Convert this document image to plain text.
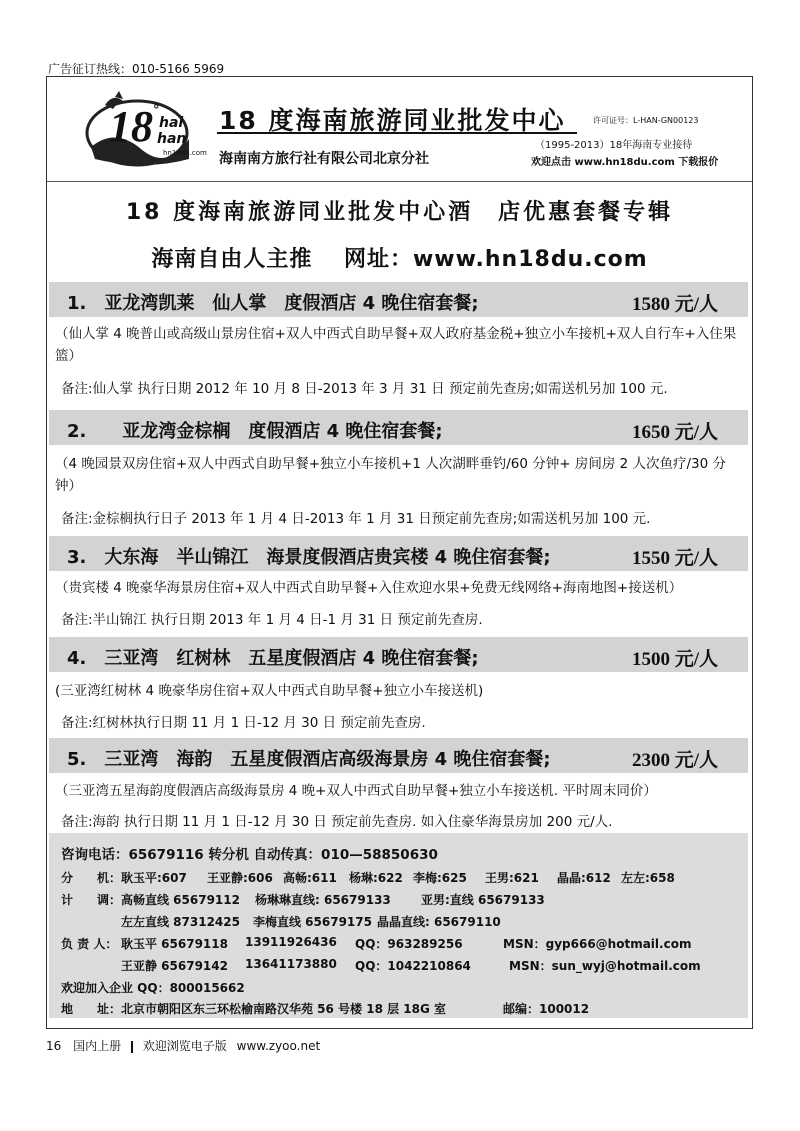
广告征订热线：010-5166 5969
18 °
hai
han
hn18du.com
18 度海南旅游同业批发中心	许可证号：L-HAN-GN00123
海南南方旅行社有限公司北京分社
（1995-2013）18年海南专业接待
欢迎点击 www.hn18du.com 下载报价
18 度海南旅游同业批发中心酒　店优惠套餐专辑
海南自由人主推　 网址：www.hn18du.com
1.　亚龙湾凯莱　仙人掌　度假酒店 4 晚住宿套餐;	1580 元/人
（仙人掌 4 晚普山或高级山景房住宿+双人中西式自助早餐+双人政府基金税+独立小车接机+双人自行车+入住果篮）
备注:仙人掌 执行日期 2012 年 10 月 8 日-2013 年 3 月 31 日 预定前先查房;如需送机另加 100 元.
2.　　亚龙湾金棕榈　度假酒店 4 晚住宿套餐;	1650 元/人
（4 晚园景双房住宿+双人中西式自助早餐+独立小车接机+1 人次湖畔垂钓/60 分钟+ 房间房 2 人次鱼疗/30 分钟）
备注:金棕榈执行日子 2013 年 1 月 4 日-2013 年 1 月 31 日预定前先查房;如需送机另加 100 元.
3.　大东海　半山锦江　海景度假酒店贵宾楼 4 晚住宿套餐;	1550 元/人
（贵宾楼 4 晚豪华海景房住宿+双人中西式自助早餐+入住欢迎水果+免费无线网络+海南地图+接送机）
备注:半山锦江 执行日期 2013 年 1 月 4 日-1 月 31 日 预定前先查房.
4.　三亚湾　红树林　五星度假酒店 4 晚住宿套餐;	1500 元/人
(三亚湾红树林 4 晚豪华房住宿+双人中西式自助早餐+独立小车接送机)
备注:红树林执行日期 11 月 1 日-12 月 30 日 预定前先查房.
5.　三亚湾　海韵　五星度假酒店高级海景房 4 晚住宿套餐;	2300 元/人
（三亚湾五星海韵度假酒店高级海景房 4 晚+双人中西式自助早餐+独立小车接送机. 平时周末同价）
备注:海韵 执行日期 11 月 1 日-12 月 30 日 预定前先查房. 如入住豪华海景房加 200 元/人.
咨询电话：65679116 转分机 自动传真：010—58850630
分　　机： 耿玉平:607 王亚静:606 高畅:611 杨琳:622 李梅:625 王男:621 晶晶:612 左左:658
计　　调： 高畅直线 65679112 杨琳琳直线: 65679133	亚男:直线 65679133
左左直线 87312425 李梅直线 65679175 晶晶直线: 65679110
负 责 人： 耿玉平 65679118 13911926436 QQ：963289256	MSN：gyp666@hotmail.com
王亚静 65679142 13641173880 QQ：1042210864	MSN：sun_wyj@hotmail.com
欢迎加入企业 QQ：800015662
地　　址： 北京市朝阳区东三环松榆南路汉华苑 56 号楼 18 层 18G 室	邮编：100012
16 国内上册 欢迎浏览电子版 www.zyoo.net
